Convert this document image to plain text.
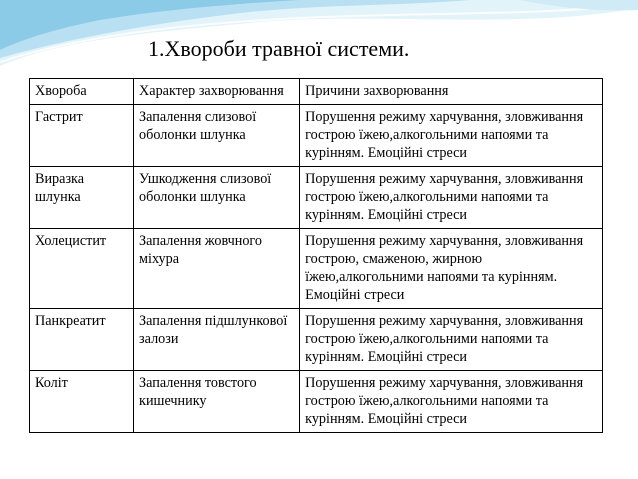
1.Хвороби травної системи.
Хвороба	Характер захворювання	Причини захворювання
Гастрит	Запалення слизової оболонки шлунка	Порушення режиму харчування, зловживання гострою їжею,алкогольними напоями та курінням. Емоційні стреси
Виразка шлунка	Ушкодження слизової оболонки шлунка	Порушення режиму харчування, зловживання гострою їжею,алкогольними напоями та курінням. Емоційні стреси
Холецистит	Запалення жовчного міхура	Порушення режиму харчування, зловживання гострою, смаженою, жирною їжею,алкогольними напоями та курінням. Емоційні стреси
Панкреатит	Запалення підшлункової залози	Порушення режиму харчування, зловживання гострою їжею,алкогольними напоями та курінням. Емоційні стреси
Коліт	Запалення товстого кишечнику	Порушення режиму харчування, зловживання гострою їжею,алкогольними напоями та курінням. Емоційні стреси
